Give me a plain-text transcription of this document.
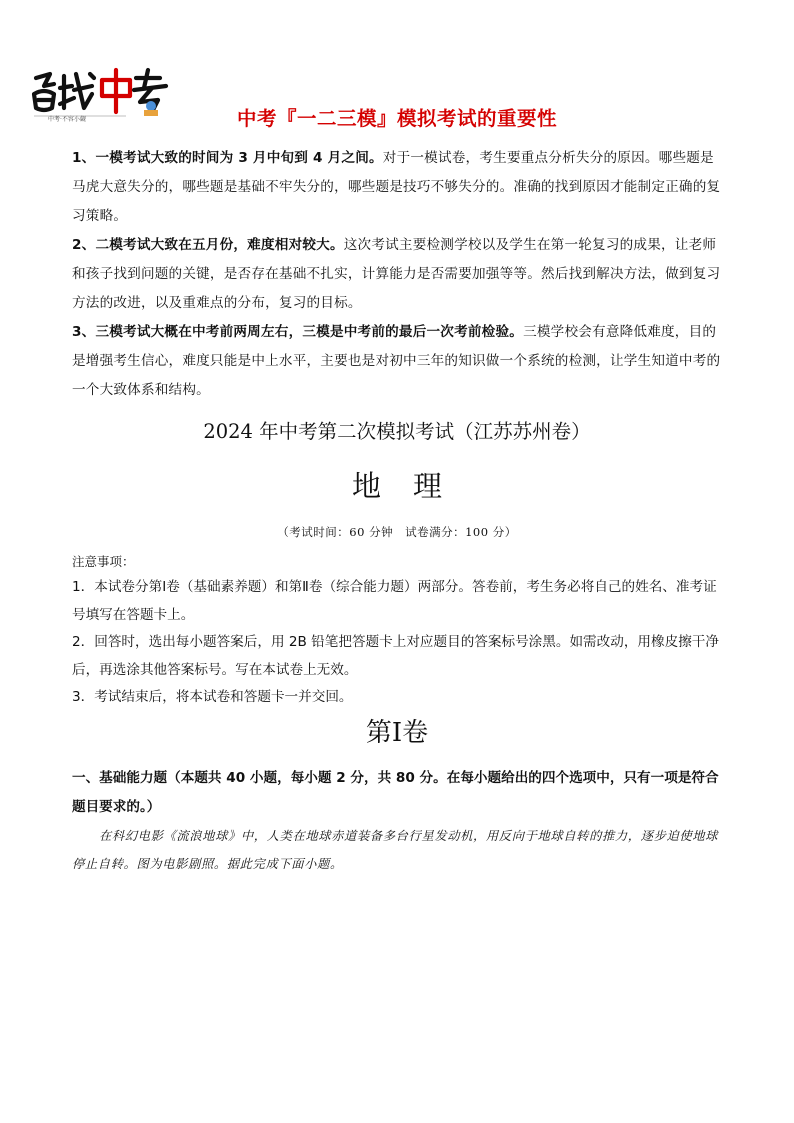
中考·不容小觑	中考『一二三模』模拟考试的重要性

1、一模考试大致的时间为 3 月中旬到 4 月之间。对于一模试卷，考生要重点分析失分的原因。哪些题是马虎大意失分的，哪些题是基础不牢失分的，哪些题是技巧不够失分的。准确的找到原因才能制定正确的复习策略。

2、二模考试大致在五月份，难度相对较大。这次考试主要检测学校以及学生在第一轮复习的成果，让老师和孩子找到问题的关键，是否存在基础不扎实，计算能力是否需要加强等等。然后找到解决方法，做到复习方法的改进，以及重难点的分布，复习的目标。

3、三模考试大概在中考前两周左右，三模是中考前的最后一次考前检验。三模学校会有意降低难度，目的是增强考生信心，难度只能是中上水平，主要也是对初中三年的知识做一个系统的检测，让学生知道中考的一个大致体系和结构。

2024 年中考第二次模拟考试（江苏苏州卷）
地 理
（考试时间：60 分钟　试卷满分：100 分）

注意事项：

1．本试卷分第Ⅰ卷（基础素养题）和第Ⅱ卷（综合能力题）两部分。答卷前，考生务必将自己的姓名、准考证号填写在答题卡上。

2．回答时，选出每小题答案后，用 2B 铅笔把答题卡上对应题目的答案标号涂黑。如需改动，用橡皮擦干净后，再选涂其他答案标号。写在本试卷上无效。

3．考试结束后，将本试卷和答题卡一并交回。

第Ⅰ卷
一、基础能力题（本题共 40 小题，每小题 2 分，共 80 分。在每小题给出的四个选项中，只有一项是符合题目要求的。）

在科幻电影《流浪地球》中，人类在地球赤道装备多台行星发动机，用反向于地球自转的推力，逐步迫使地球停止自转。图为电影剧照。据此完成下面小题。
